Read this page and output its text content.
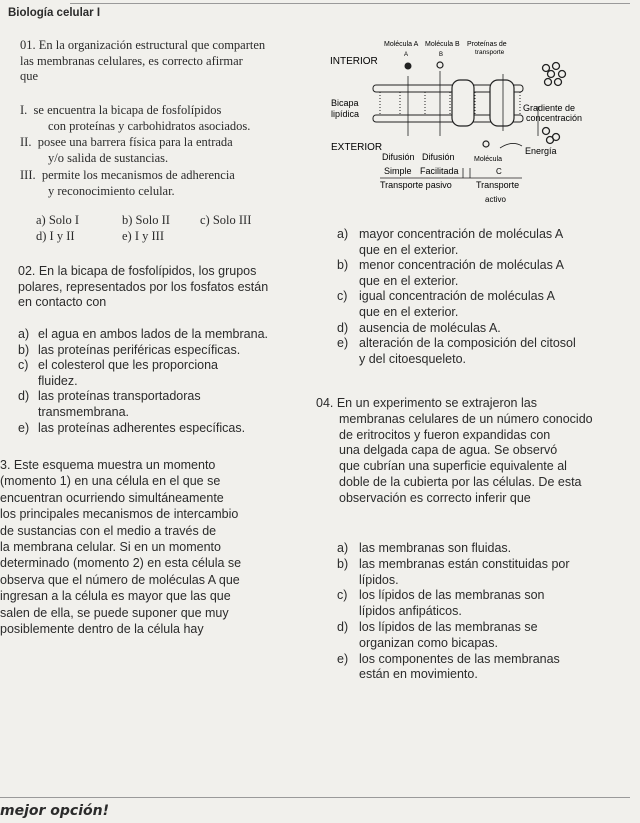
Biología celular I
01. En la organización estructural que comparten
las membranas celulares, es correcto afirmar
que
I. se encuentra la bicapa de fosfolípidos
con proteínas y carbohidratos asociados.
II. posee una barrera física para la entrada
y/o salida de sustancias.
III. permite los mecanismos de adherencia
y reconocimiento celular.
a) Solo I	b) Solo II c) Solo III
d) I y II	e) I y III
Molécula A Molécula B Proteínas de
transporte
A	B
INTERIOR
Bicapa
lipídica
Gradiente de
concentración
EXTERIOR	Energía
Difusión Difusión	Molécula
Simple Facilitada	C
Transporte pasivo	Transporte
activo
a) mayor concentración de moléculas A
que en el exterior.
b) menor concentración de moléculas A
que en el exterior.
c) igual concentración de moléculas A
que en el exterior.
d) ausencia de moléculas A.
e) alteración de la composición del citosol
y del citoesqueleto.
02. En la bicapa de fosfolípidos, los grupos
polares, representados por los fosfatos están
en contacto con
a) el agua en ambos lados de la membrana.
b) las proteínas periféricas específicas.
c) el colesterol que les proporciona
fluidez.
d) las proteínas transportadoras
transmembrana.
e) las proteínas adherentes específicas.
3. Este esquema muestra un momento
(momento 1) en una célula en el que se
encuentran ocurriendo simultáneamente
los principales mecanismos de intercambio
de sustancias con el medio a través de
la membrana celular. Si en un momento
determinado (momento 2) en esta célula se
observa que el número de moléculas A que
ingresan a la célula es mayor que las que
salen de ella, se puede suponer que muy
posiblemente dentro de la célula hay
04. En un experimento se extrajeron las
membranas celulares de un número conocido
de eritrocitos y fueron expandidas con
una delgada capa de agua. Se observó
que cubrían una superficie equivalente al
doble de la cubierta por las células. De esta
observación es correcto inferir que
a) las membranas son fluidas.
b) las membranas están constituidas por
lípidos.
c) los lípidos de las membranas son
lípidos anfipáticos.
d) los lípidos de las membranas se
organizan como bicapas.
e) los componentes de las membranas
están en movimiento.
mejor opción!
